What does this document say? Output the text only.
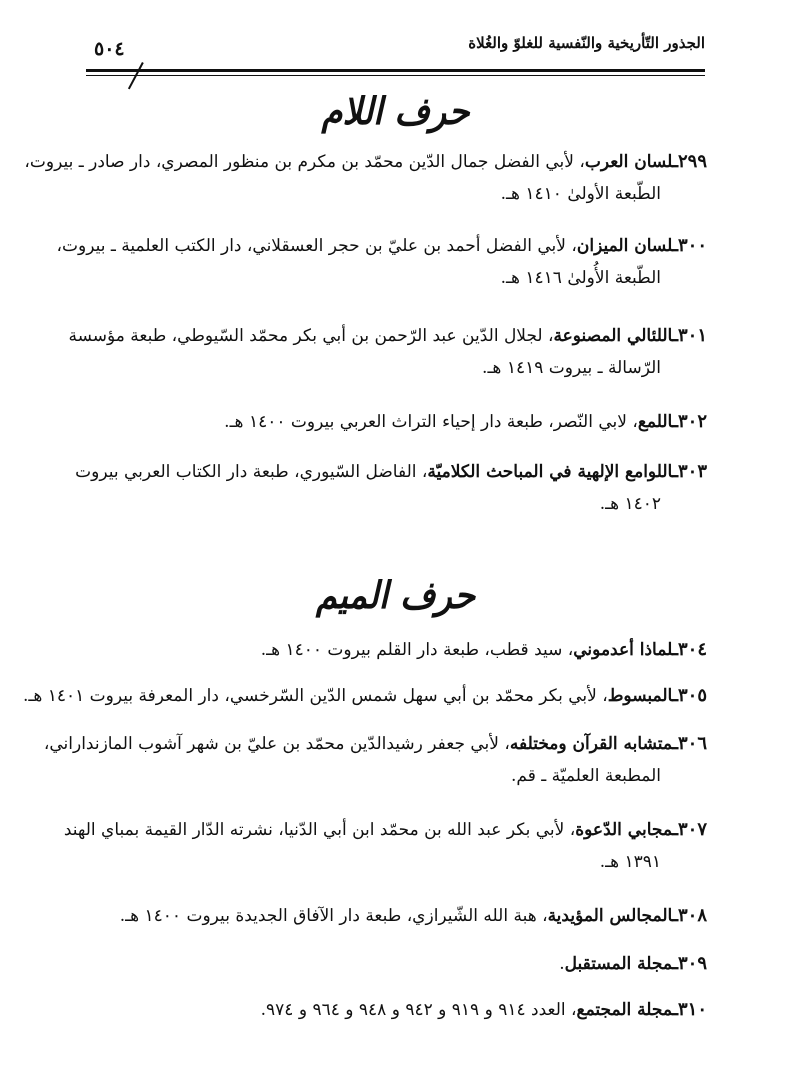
الجذور التّأريخية والنّفسية للغلوّ والغُلاة
٥٠٤
حرف اللام
٢٩٩ـلسان العرب، لأبي الفضل جمال الدّين محمّد بن مكرم بن منظور المصري، دار صادر ـ بيروت،
الطّبعة الأولىٰ ١٤١٠ هـ.
٣٠٠ـلسان الميزان، لأبي الفضل أحمد بن عليّ بن حجر العسقلاني، دار الكتب العلمية ـ بيروت،
الطّبعة الأُولىٰ ١٤١٦ هـ.
٣٠١ـاللئالي المصنوعة، لجلال الدّين عبد الرّحمن بن أبي بكر محمّد السّيوطي، طبعة مؤسسة
الرّسالة ـ بيروت ١٤١٩ هـ.
٣٠٢ـاللمع، لابي النّصر، طبعة دار إحياء التراث العربي بيروت ١٤٠٠ هـ.
٣٠٣ـاللوامع الإلهية في المباحث الكلاميّة، الفاضل السّيوري، طبعة دار الكتاب العربي بيروت
١٤٠٢ هـ.
حرف الميم
٣٠٤ـلماذا أعدموني، سيد قطب، طبعة دار القلم بيروت ١٤٠٠ هـ.
٣٠٥ـالمبسوط، لأبي بكر محمّد بن أبي سهل شمس الدّين السّرخسي، دار المعرفة بيروت ١٤٠١ هـ.
٣٠٦ـمتشابه القرآن ومختلفه، لأبي جعفر رشيدالدّين محمّد بن عليّ بن شهر آشوب المازنداراني،
المطبعة العلميّة ـ قم.
٣٠٧ـمجابي الدّعوة، لأبي بكر عبد الله بن محمّد ابن أبي الدّنيا، نشرته الدّار القيمة بمباي الهند
١٣٩١ هـ.
٣٠٨ـالمجالس المؤيدية، هبة الله الشّيرازي، طبعة دار الآفاق الجديدة بيروت ١٤٠٠ هـ.
٣٠٩ـمجلة المستقبل.
٣١٠ـمجلة المجتمع، العدد ٩١٤ و ٩١٩ و ٩٤٢ و ٩٤٨ و ٩٦٤ و ٩٧٤.
